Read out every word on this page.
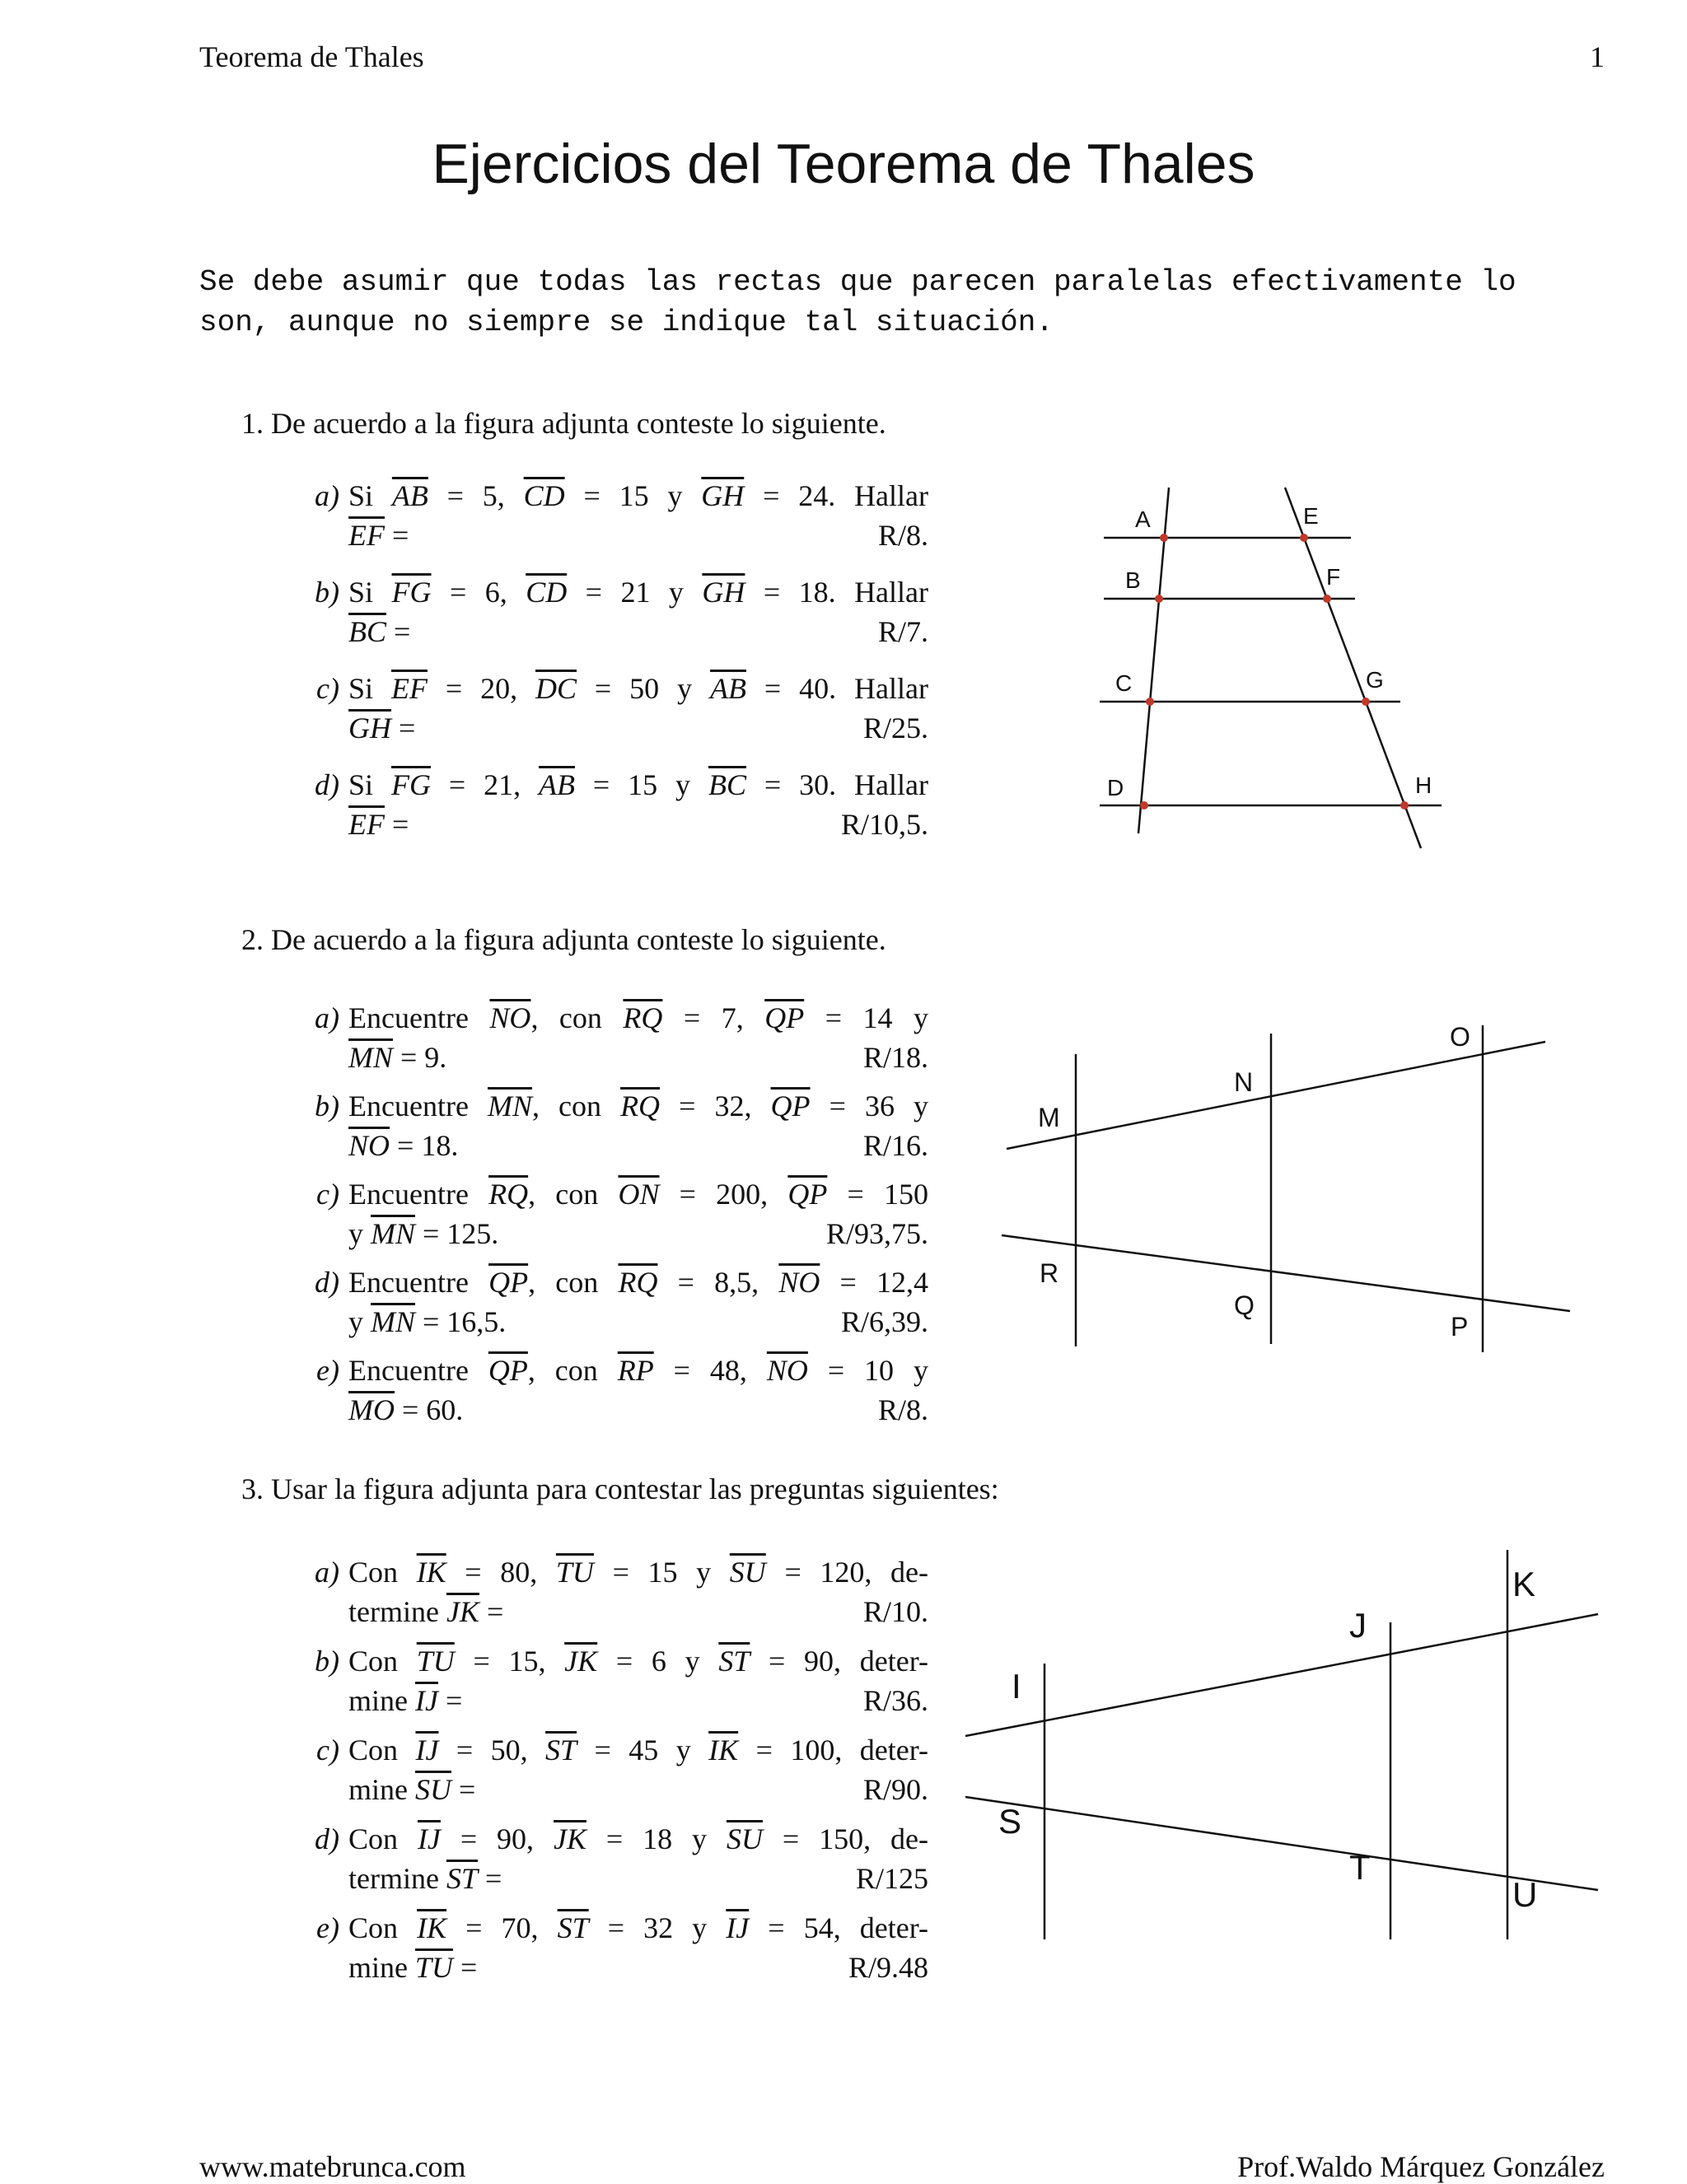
Teorema de Thales	1
Ejercicios del Teorema de Thales
Se debe asumir que todas las rectas que parecen paralelas efectivamente lo
son, aunque no siempre se indique tal situación.
1. De acuerdo a la figura adjunta conteste lo siguiente.
a) Si $\overline{AB} = 5$, $\overline{CD} = 15$ y $\overline{GH} = 24$. Hallar
$\overline{EF}$ =	R/8.
b) Si $\overline{FG} = 6$, $\overline{CD} = 21$ y $\overline{GH} = 18$. Hallar
$\overline{BC}$ =	R/7.
c) Si $\overline{EF} = 20$, $\overline{DC} = 50$ y $\overline{AB} = 40$. Hallar
$\overline{GH}$ =	R/25.
d) Si $\overline{FG} = 21$, $\overline{AB} = 15$ y $\overline{BC} = 30$. Hallar
$\overline{EF}$ =	R/10,5.
2. De acuerdo a la figura adjunta conteste lo siguiente.
a) Encuentre $\overline{NO}$, con $\overline{RQ} = 7$, $\overline{QP} = 14$ y
$\overline{MN} = 9$.	R/18.
b) Encuentre $\overline{MN}$, con $\overline{RQ} = 32$, $\overline{QP} = 36$ y
$\overline{NO} = 18$.	R/16.
c) Encuentre $\overline{RQ}$, con $\overline{ON} = 200$, $\overline{QP} = 150$
y $\overline{MN} = 125$.	R/93,75.
d) Encuentre $\overline{QP}$, con $\overline{RQ} = 8,5$, $\overline{NO} = 12,4$
y $\overline{MN} = 16,5$.	R/6,39.
e) Encuentre $\overline{QP}$, con $\overline{RP} = 48$, $\overline{NO} = 10$ y
$\overline{MO} = 60$.	R/8.
3. Usar la figura adjunta para contestar las preguntas siguientes:
a) Con $\overline{IK} = 80$, $\overline{TU} = 15$ y $\overline{SU} = 120$, de-
termine $\overline{JK}$ =	R/10.
b) Con $\overline{TU} = 15$, $\overline{JK} = 6$ y $\overline{ST} = 90$, deter-
mine $\overline{IJ}$ =	R/36.
c) Con $\overline{IJ} = 50$, $\overline{ST} = 45$ y $\overline{IK} = 100$, deter-
mine $\overline{SU}$ =	R/90.
d) Con $\overline{IJ} = 90$, $\overline{JK} = 18$ y $\overline{SU} = 150$, de-
termine $\overline{ST}$ =	R/125
e) Con $\overline{IK} = 70$, $\overline{ST} = 32$ y $\overline{IJ} = 54$, deter-
mine $\overline{TU}$ =	R/9.48
A
B
C
D
E
F
G
H
M
N
O
R
Q
P
I
J
K
S
T
U
www.matebrunca.com	Prof.Waldo Márquez González
